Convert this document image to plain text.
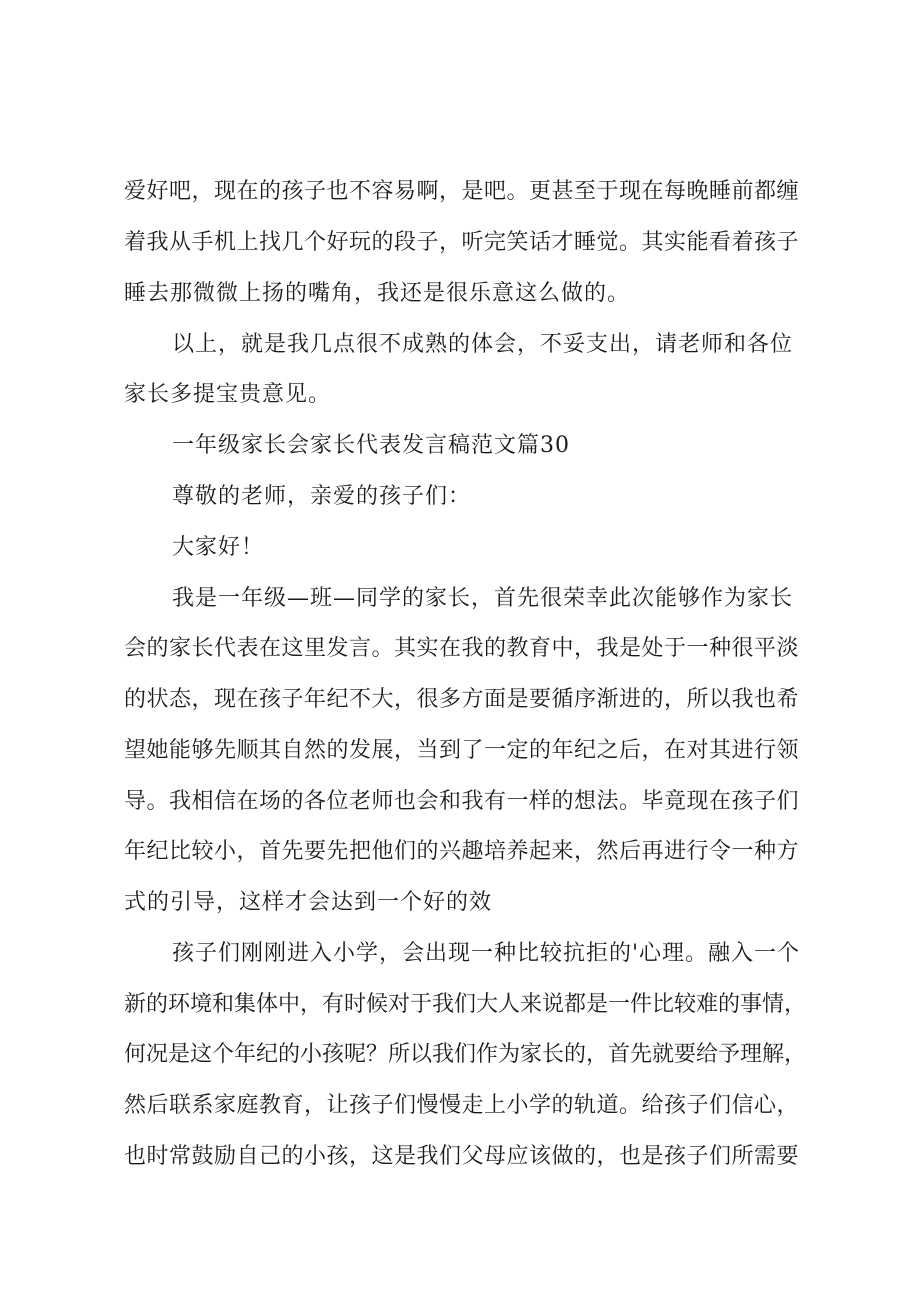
爱好吧，现在的孩子也不容易啊，是吧。更甚至于现在每晚睡前都缠
着我从手机上找几个好玩的段子，听完笑话才睡觉。其实能看着孩子
睡去那微微上扬的嘴角，我还是很乐意这么做的。
以上，就是我几点很不成熟的体会，不妥支出，请老师和各位
家长多提宝贵意见。
一年级家长会家长代表发言稿范文篇30
尊敬的老师，亲爱的孩子们：
大家好！
我是一年级—班—同学的家长，首先很荣幸此次能够作为家长
会的家长代表在这里发言。其实在我的教育中，我是处于一种很平淡
的状态，现在孩子年纪不大，很多方面是要循序渐进的，所以我也希
望她能够先顺其自然的发展，当到了一定的年纪之后，在对其进行领
导。我相信在场的各位老师也会和我有一样的想法。毕竟现在孩子们
年纪比较小，首先要先把他们的兴趣培养起来，然后再进行令一种方
式的引导，这样才会达到一个好的效
孩子们刚刚进入小学，会出现一种比较抗拒的'心理。融入一个
新的环境和集体中，有时候对于我们大人来说都是一件比较难的事情，
何况是这个年纪的小孩呢？所以我们作为家长的，首先就要给予理解，
然后联系家庭教育，让孩子们慢慢走上小学的轨道。给孩子们信心，
也时常鼓励自己的小孩，这是我们父母应该做的，也是孩子们所需要
